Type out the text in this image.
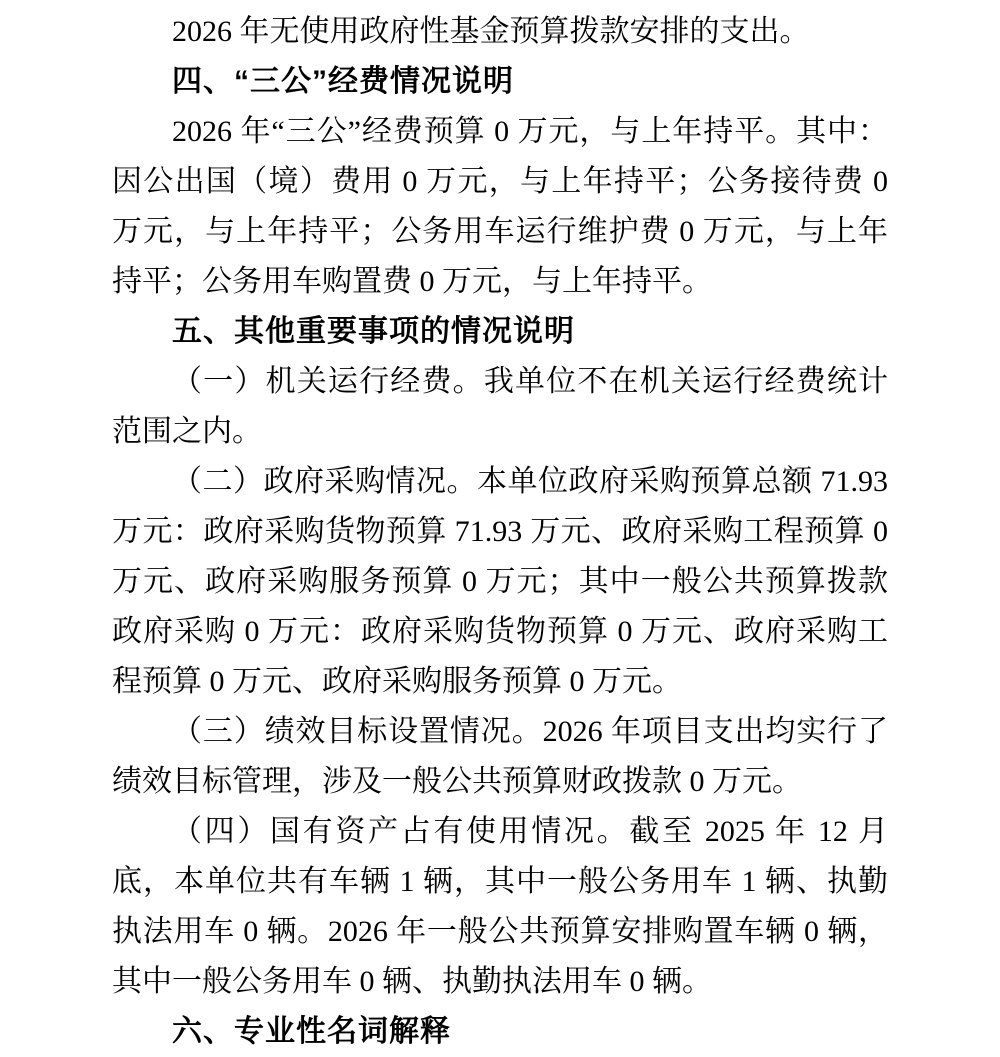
2026 年无使用政府性基金预算拨款安排的支出。

四、“三公”经费情况说明

2026 年“三公”经费预算 0 万元，与上年持平。其中：因公出国（境）费用 0 万元，与上年持平；公务接待费 0 万元，与上年持平；公务用车运行维护费 0 万元，与上年持平；公务用车购置费 0 万元，与上年持平。

五、其他重要事项的情况说明

（一）机关运行经费。我单位不在机关运行经费统计范围之内。

（二）政府采购情况。本单位政府采购预算总额 71.93 万元：政府采购货物预算 71.93 万元、政府采购工程预算 0 万元、政府采购服务预算 0 万元；其中一般公共预算拨款政府采购 0 万元：政府采购货物预算 0 万元、政府采购工程预算 0 万元、政府采购服务预算 0 万元。

（三）绩效目标设置情况。2026 年项目支出均实行了绩效目标管理，涉及一般公共预算财政拨款 0 万元。

（四）国有资产占有使用情况。截至 2025 年 12 月底，本单位共有车辆 1 辆，其中一般公务用车 1 辆、执勤执法用车 0 辆。2026 年一般公共预算安排购置车辆 0 辆，其中一般公务用车 0 辆、执勤执法用车 0 辆。

六、专业性名词解释
